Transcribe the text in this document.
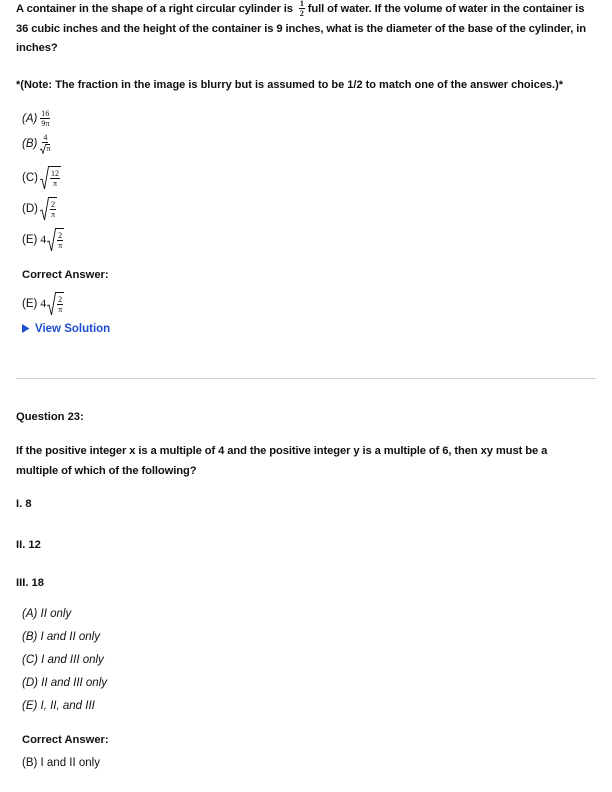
A container in the shape of a right circular cylinder is $\frac{1}{2}$ full of water. If the volume of water in the container is 36 cubic inches and the height of the container is 9 inches, what is the diameter of the base of the cylinder, in inches?
*(Note: The fraction in the image is blurry but is assumed to be 1/2 to match one of the answer choices.)*
$(A) \frac{16}{9\pi}$
$(B) \frac{4}{\pi}$
$(C) \frac{12}{\pi}$
$(D) \frac{2}{\pi}$
(E) $4 \frac{2}{\pi}$
Correct Answer:
(E) $4 \frac{2}{\pi}$
View Solution
Question 23:
If the positive integer x is a multiple of 4 and the positive integer y is a multiple of 6, then xy must be a multiple of which of the following?
I. 8
II. 12
III. 18
(A) II only
(B) I and II only
(C) I and III only
(D) II and III only
(E) I, II, and III
Correct Answer:
(B) I and II only
